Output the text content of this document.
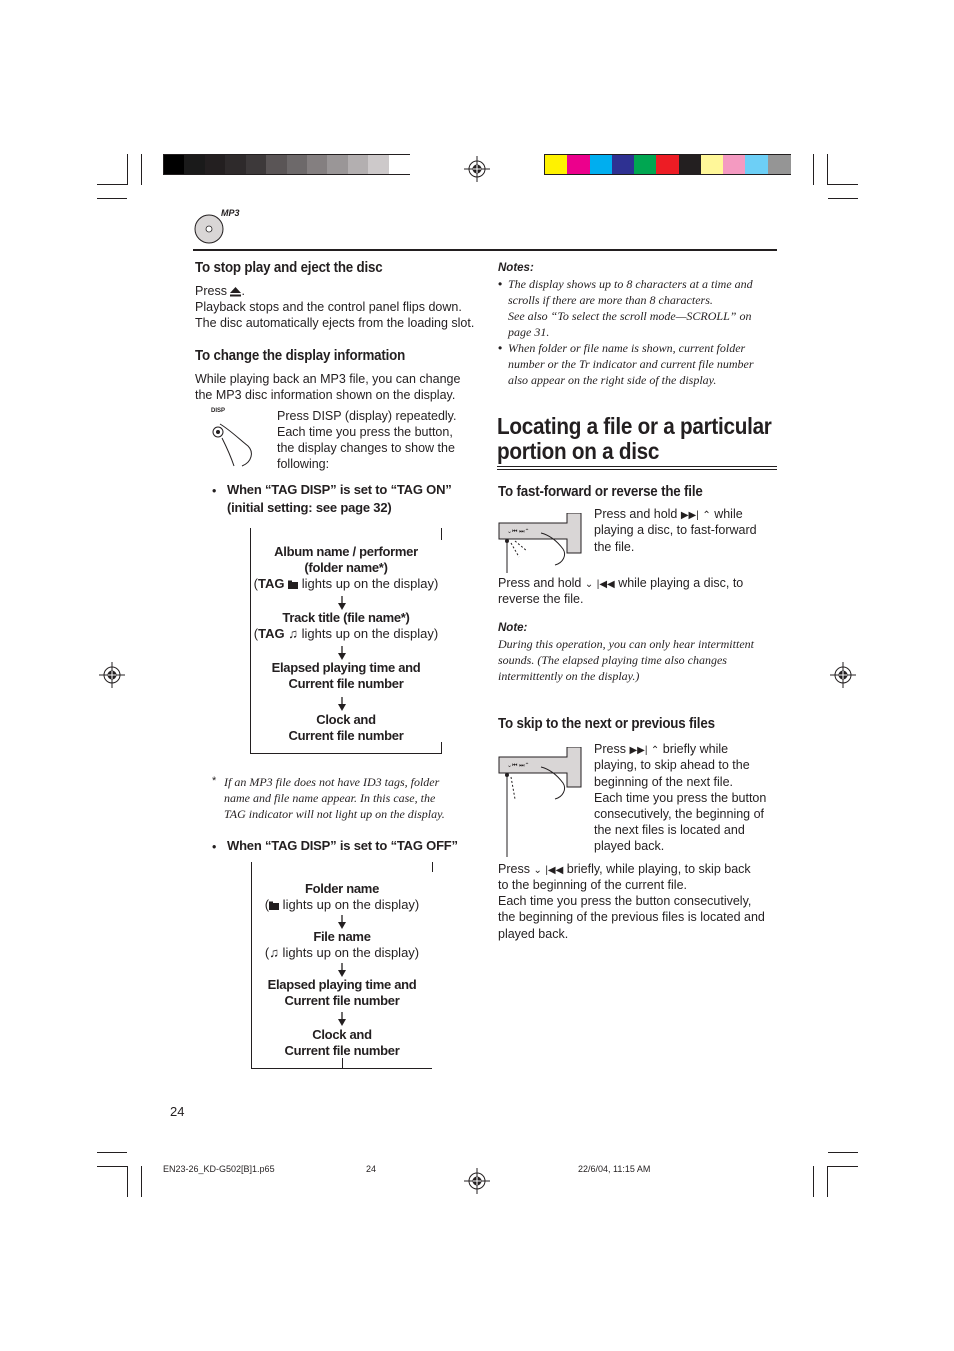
MP3
To stop play and eject the disc
Press .
Playback stops and the control panel flips down.
The disc automatically ejects from the loading slot.
To change the display information
While playing back an MP3 file, you can change
the MP3 disc information shown on the display.
DISP	Press DISP (display) repeatedly.
Each time you press the button,
the display changes to show the
following:
• When “TAG DISP” is set to “TAG ON”
(initial setting: see page 32)
Album name / performer
(folder name*)
(TAG  lights up on the display)
Track title (file name*)
(TAG ♫ lights up on the display)
Elapsed playing time and
Current file number
Clock and
Current file number
* If an MP3 file does not have ID3 tags, folder
name and file name appear. In this case, the
TAG indicator will not light up on the display.
• When “TAG DISP” is set to “TAG OFF”
Folder name
( lights up on the display)
File name
(♫ lights up on the display)
Elapsed playing time and
Current file number
Clock and
Current file number
24
Notes:
• The display shows up to 8 characters at a time and
scrolls if there are more than 8 characters.
See also “To select the scroll mode—SCROLL” on
page 31.
• When folder or file name is shown, current folder
number or the Tr indicator and current file number
also appear on the right side of the display.
Locating a file or a particular
portion on a disc
To fast-forward or reverse the file
⌄⏮ ⏭⌃
Press and hold ▶▶| ⌃ while
playing a disc, to fast-forward
the file.
Press and hold ⌄ |◀◀ while playing a disc, to
reverse the file.
Note:
During this operation, you can only hear intermittent
sounds. (The elapsed playing time also changes
intermittently on the display.)
To skip to the next or previous files
⌄⏮ ⏭⌃
Press ▶▶| ⌃ briefly while
playing, to skip ahead to the
beginning of the next file.
Each time you press the button
consecutively, the beginning of
the next files is located and
played back.
Press ⌄ |◀◀ briefly, while playing, to skip back
to the beginning of the current file.
Each time you press the button consecutively,
the beginning of the previous files is located and
played back.
EN23-26_KD-G502[B]1.p65	24	22/6/04, 11:15 AM
